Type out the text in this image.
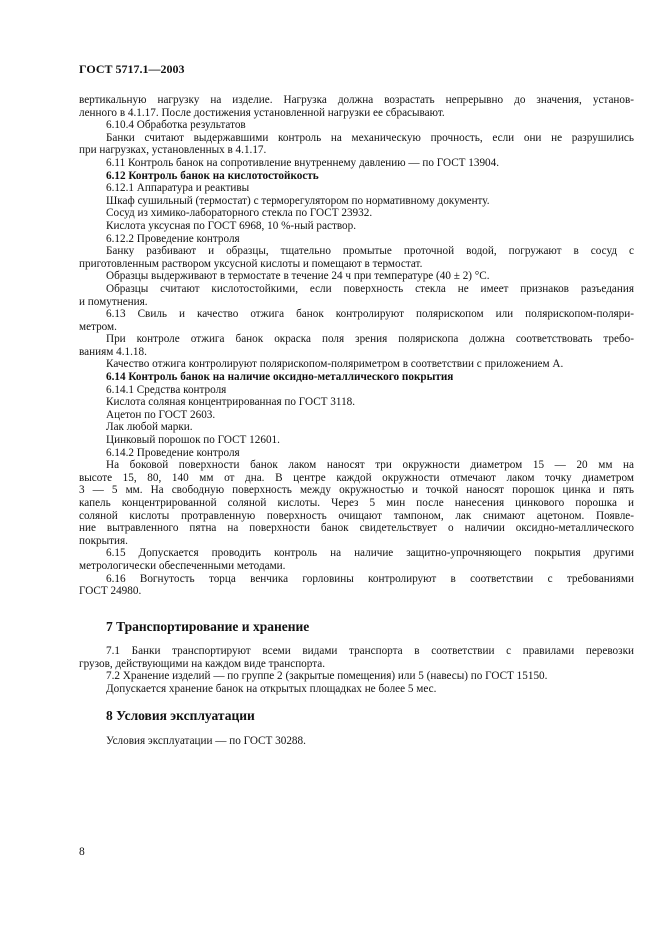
ГОСТ 5717.1—2003
вертикальную нагрузку на изделие. Нагрузка должна возрастать непрерывно до значения, установ-
ленного в 4.1.17. После достижения установленной нагрузки ее сбрасывают.
6.10.4 Обработка результатов
Банки считают выдержавшими контроль на механическую прочность, если они не разрушились
при нагрузках, установленных в 4.1.17.
6.11 Контроль банок на сопротивление внутреннему давлению — по ГОСТ 13904.
6.12 Контроль банок на кислотостойкость
6.12.1 Аппаратура и реактивы
Шкаф сушильный (термостат) с терморегулятором по нормативному документу.
Сосуд из химико-лабораторного стекла по ГОСТ 23932.
Кислота уксусная по ГОСТ 6968, 10 %-ный раствор.
6.12.2 Проведение контроля
Банку разбивают и образцы, тщательно промытые проточной водой, погружают в сосуд с
приготовленным раствором уксусной кислоты и помещают в термостат.
Образцы выдерживают в термостате в течение 24 ч при температуре (40 ± 2) °С.
Образцы считают кислотостойкими, если поверхность стекла не имеет признаков разъедания
и помутнения.
6.13 Свиль и качество отжига банок контролируют полярископом или полярископом-поляри-
метром.
При контроле отжига банок окраска поля зрения полярископа должна соответствовать требо-
ваниям 4.1.18.
Качество отжига контролируют полярископом-поляриметром в соответствии с приложением А.
6.14 Контроль банок на наличие оксидно-металлического покрытия
6.14.1 Средства контроля
Кислота соляная концентрированная по ГОСТ 3118.
Ацетон по ГОСТ 2603.
Лак любой марки.
Цинковый порошок по ГОСТ 12601.
6.14.2 Проведение контроля
На боковой поверхности банок лаком наносят три окружности диаметром 15 — 20 мм на
высоте 15, 80, 140 мм от дна. В центре каждой окружности отмечают лаком точку диаметром
3 — 5 мм. На свободную поверхность между окружностью и точкой наносят порошок цинка и пять
капель концентрированной соляной кислоты. Через 5 мин после нанесения цинкового порошка и
соляной кислоты протравленную поверхность очищают тампоном, лак снимают ацетоном. Появле-
ние вытравленного пятна на поверхности банок свидетельствует о наличии оксидно-металлического
покрытия.
6.15 Допускается проводить контроль на наличие защитно-упрочняющего покрытия другими
метрологически обеспеченными методами.
6.16 Вогнутость торца венчика горловины контролируют в соответствии с требованиями
ГОСТ 24980.
7 Транспортирование и хранение
7.1 Банки транспортируют всеми видами транспорта в соответствии с правилами перевозки
грузов, действующими на каждом виде транспорта.
7.2 Хранение изделий — по группе 2 (закрытые помещения) или 5 (навесы) по ГОСТ 15150.
Допускается хранение банок на открытых площадках не более 5 мес.
8 Условия эксплуатации
Условия эксплуатации — по ГОСТ 30288.
8
